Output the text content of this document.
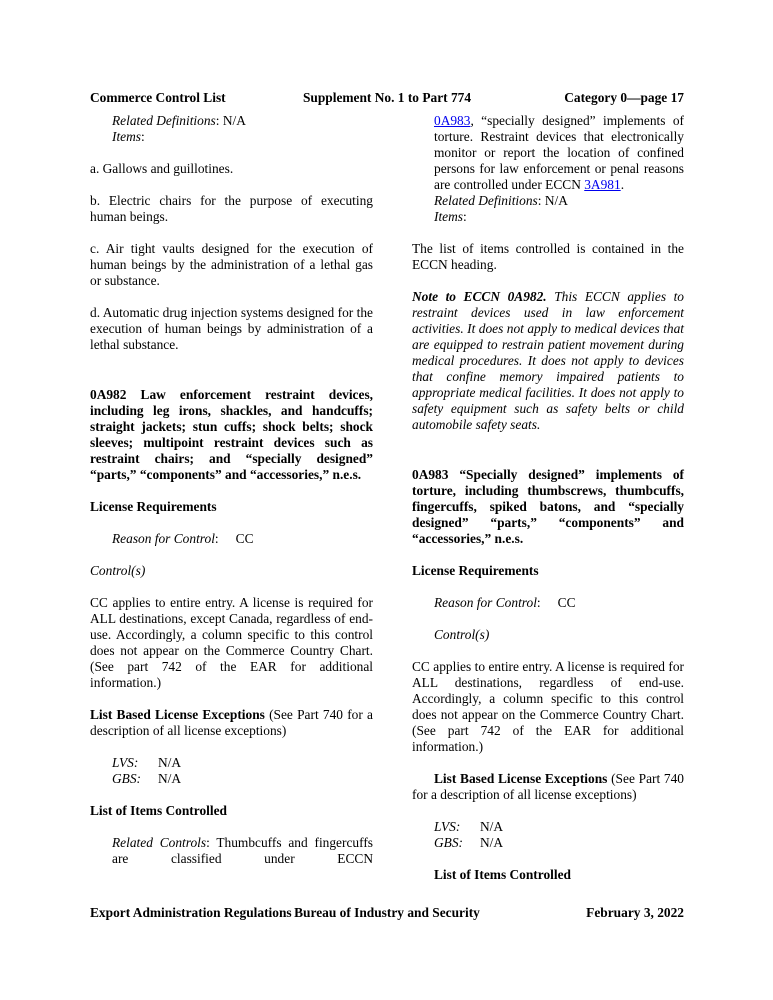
Commerce Control List	Supplement No. 1 to Part 774	Category 0—page 17

Related Definitions: N/A

Items:

a. Gallows and guillotines.

b. Electric chairs for the purpose of executing human beings.

c. Air tight vaults designed for the execution of human beings by the administration of a lethal gas or substance.

d. Automatic drug injection systems designed for the execution of human beings by administration of a lethal substance.

0A982 Law enforcement restraint devices, including leg irons, shackles, and handcuffs; straight jackets; stun cuffs; shock belts; shock sleeves; multipoint restraint devices such as restraint chairs; and “specially designed” “parts,” “components” and “accessories,” n.e.s.

License Requirements

Reason for Control: CC

Control(s)

CC applies to entire entry. A license is required for ALL destinations, except Canada, regardless of end-use. Accordingly, a column specific to this control does not appear on the Commerce Country Chart. (See part 742 of the EAR for additional information.)

List Based License Exceptions (See Part 740 for a description of all license exceptions)

LVS: N/A

GBS: N/A

List of Items Controlled

Related Controls: Thumbcuffs and fingercuffs are classified under ECCN

0A983, “specially designed” implements of torture. Restraint devices that electronically monitor or report the location of confined persons for law enforcement or penal reasons are controlled under ECCN 3A981.

Related Definitions: N/A

Items:

The list of items controlled is contained in the ECCN heading.

Note to ECCN 0A982. This ECCN applies to restraint devices used in law enforcement activities. It does not apply to medical devices that are equipped to restrain patient movement during medical procedures. It does not apply to devices that confine memory impaired patients to appropriate medical facilities. It does not apply to safety equipment such as safety belts or child automobile safety seats.

0A983 “Specially designed” implements of torture, including thumbscrews, thumbcuffs, fingercuffs, spiked batons, and “specially designed” “parts,” “components” and “accessories,” n.e.s.

License Requirements

Reason for Control: CC

Control(s)

CC applies to entire entry. A license is required for ALL destinations, regardless of end-use. Accordingly, a column specific to this control does not appear on the Commerce Country Chart. (See part 742 of the EAR for additional information.)

List Based License Exceptions (See Part 740 for a description of all license exceptions)

LVS: N/A

GBS: N/A

List of Items Controlled

Export Administration Regulations Bureau of Industry and Security	February 3, 2022
